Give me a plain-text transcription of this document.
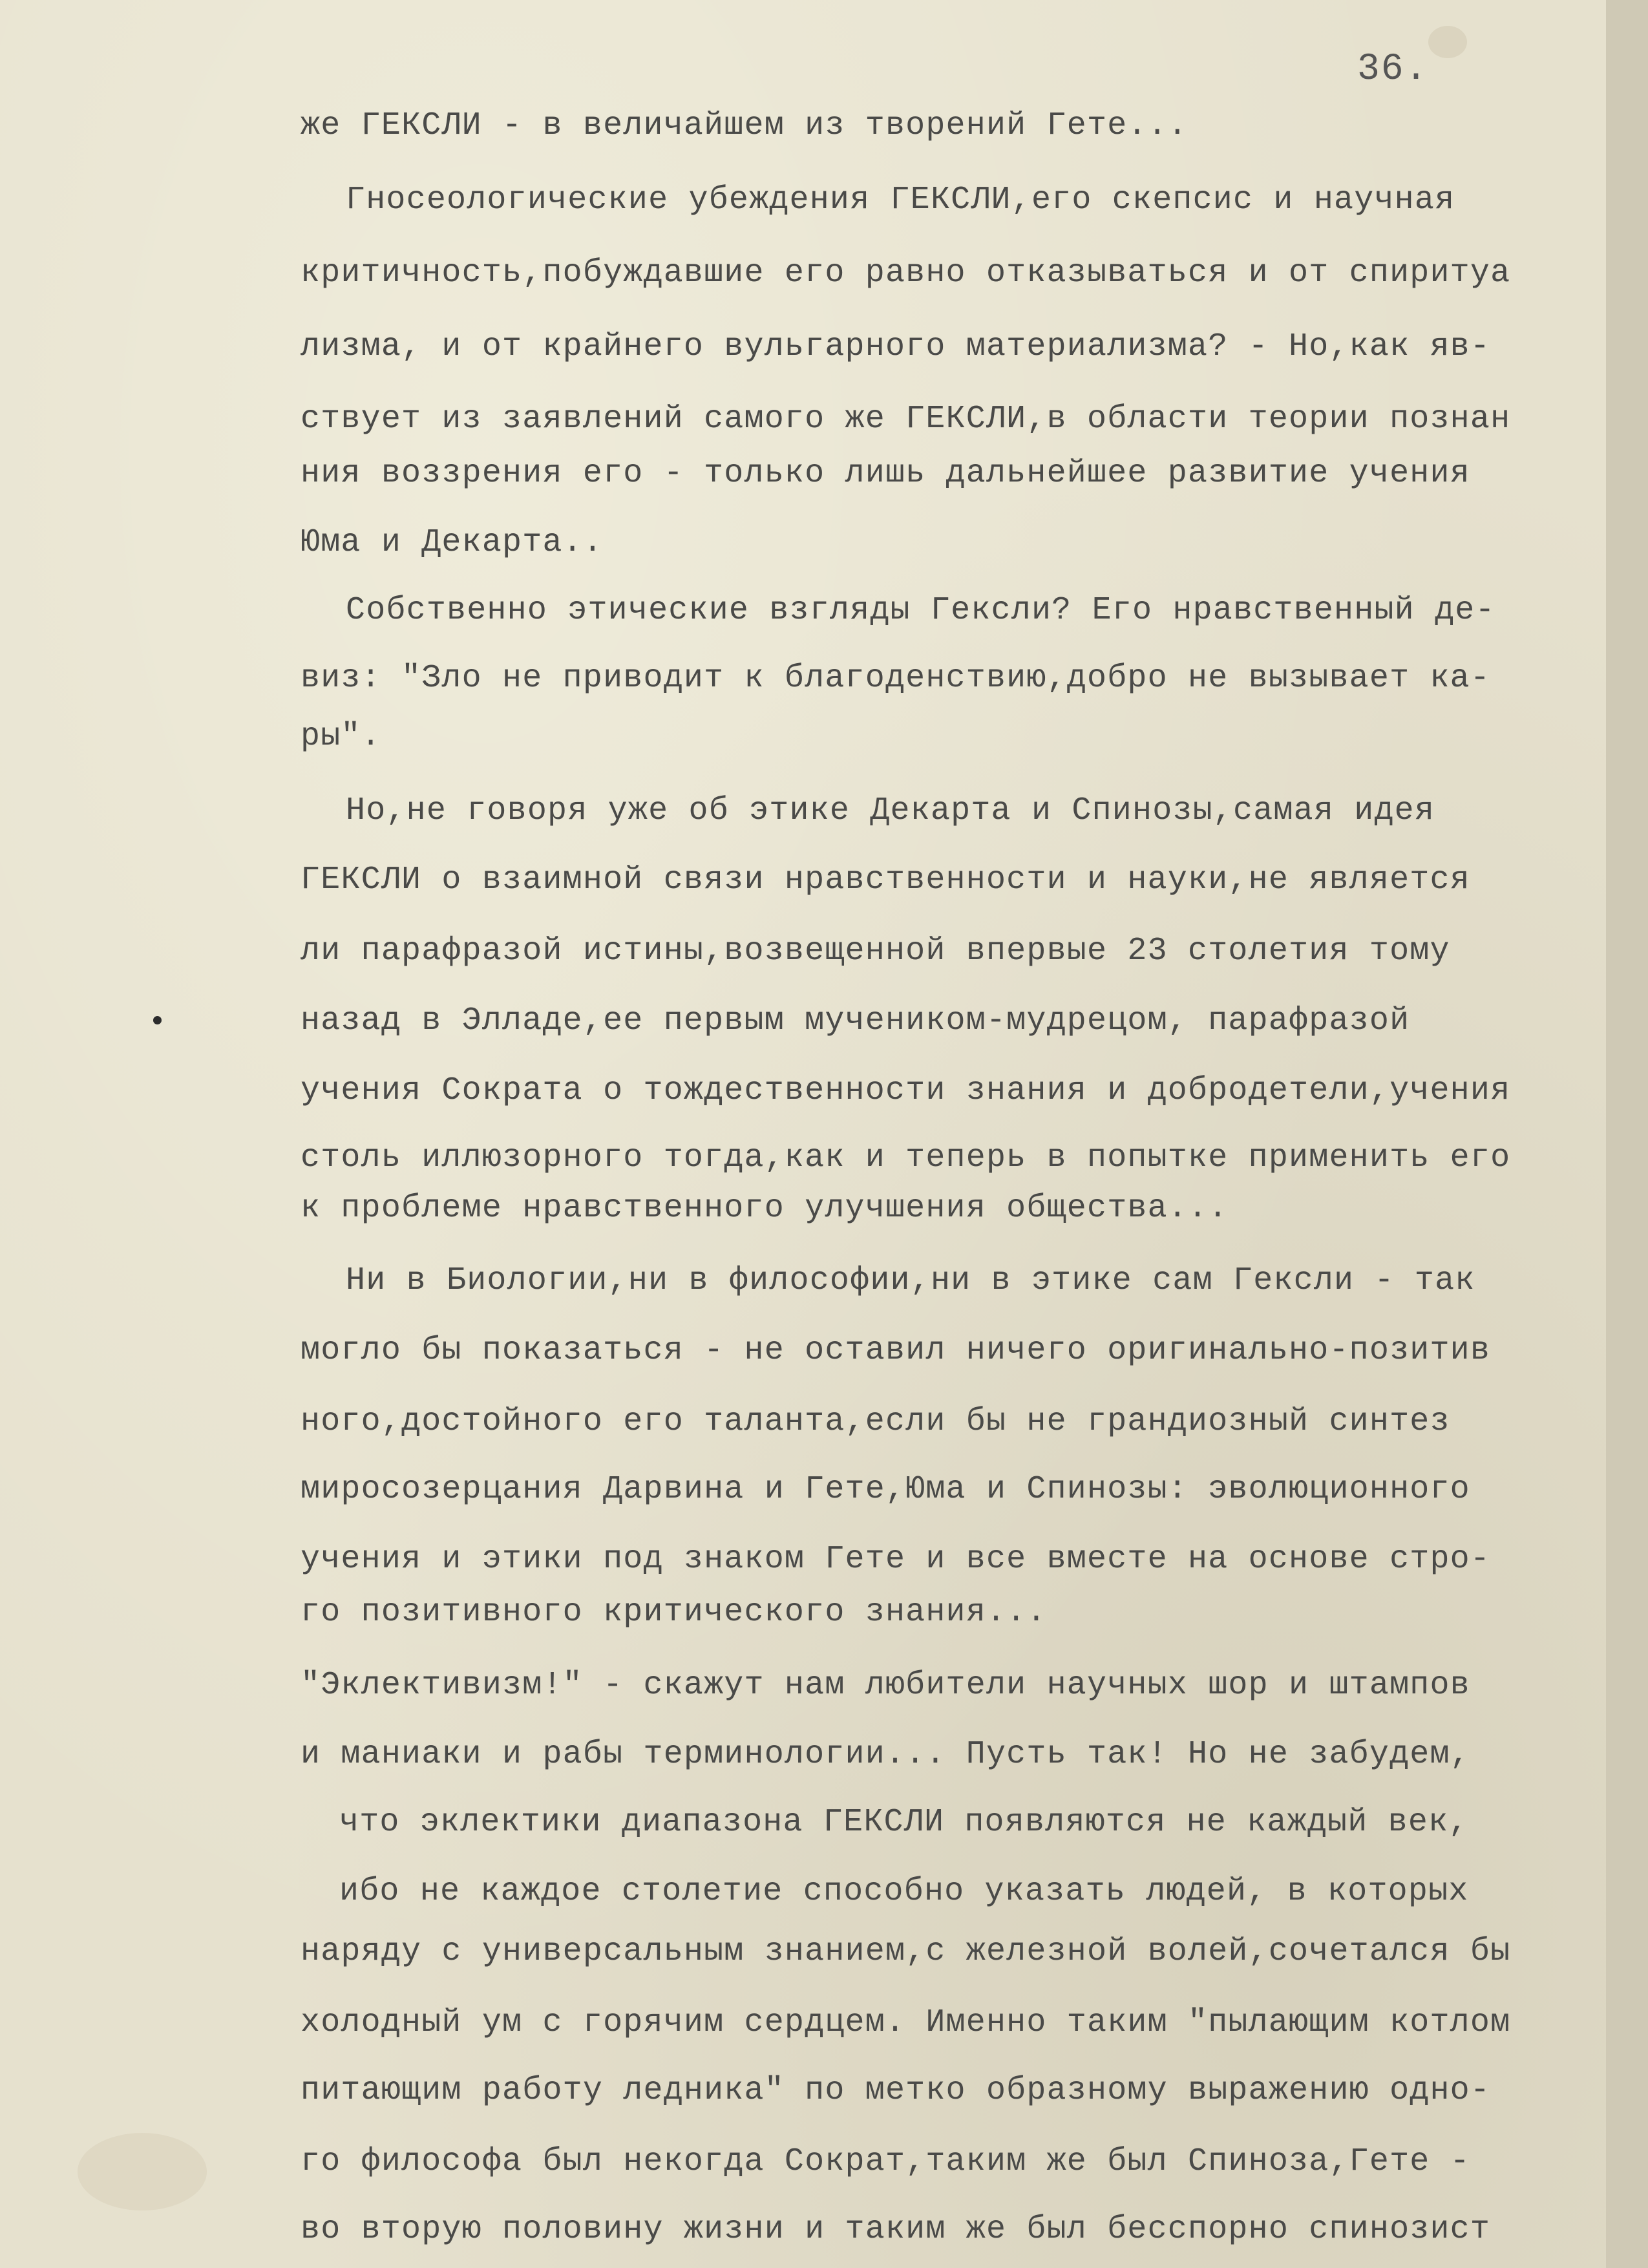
36.
же ГЕКСЛИ - в величайшем из творений Гете...
Гносеологические убеждения ГЕКСЛИ,его скепсис и научная
критичность,побуждавшие его равно отказываться и от спиритуа
лизма, и от крайнего вульгарного материализма? - Но,как яв-
ствует из заявлений самого же ГЕКСЛИ,в области теории познан
ния воззрения его - только лишь дальнейшее развитие учения
Юма и Декарта..
Собственно этические взгляды Гексли? Его нравственный де-
виз: "Зло не приводит к благоденствию,добро не вызывает ка-
ры".
Но,не говоря уже об этике Декарта и Спинозы,самая идея
ГЕКСЛИ о взаимной связи нравственности и науки,не является
ли парафразой истины,возвещенной впервые 23 столетия тому
назад в Элладе,ее первым мучеником-мудрецом, парафразой
учения Сократа о тождественности знания и добродетели,учения
столь иллюзорного тогда,как и теперь в попытке применить его
к проблеме нравственного улучшения общества...
Ни в Биологии,ни в философии,ни в этике сам Гексли - так
могло бы показаться - не оставил ничего оригинально-позитив
ного,достойного его таланта,если бы не грандиозный синтез
миросозерцания Дарвина и Гете,Юма и Спинозы: эволюционного
учения и этики под знаком Гете и все вместе на основе стро-
го позитивного критического знания...
"Эклективизм!" - скажут нам любители научных шор и штампов
и маниаки и рабы терминологии... Пусть так! Но не забудем,
что эклектики диапазона ГЕКСЛИ появляются не каждый век,
ибо не каждое столетие способно указать людей, в которых
наряду с универсальным знанием,с железной волей,сочетался бы
холодный ум с горячим сердцем. Именно таким "пылающим котлом
питающим работу ледника" по метко образному выражению одно-
го философа был некогда Сократ,таким же был Спиноза,Гете -
во вторую половину жизни и таким же был бесспорно спинозист
